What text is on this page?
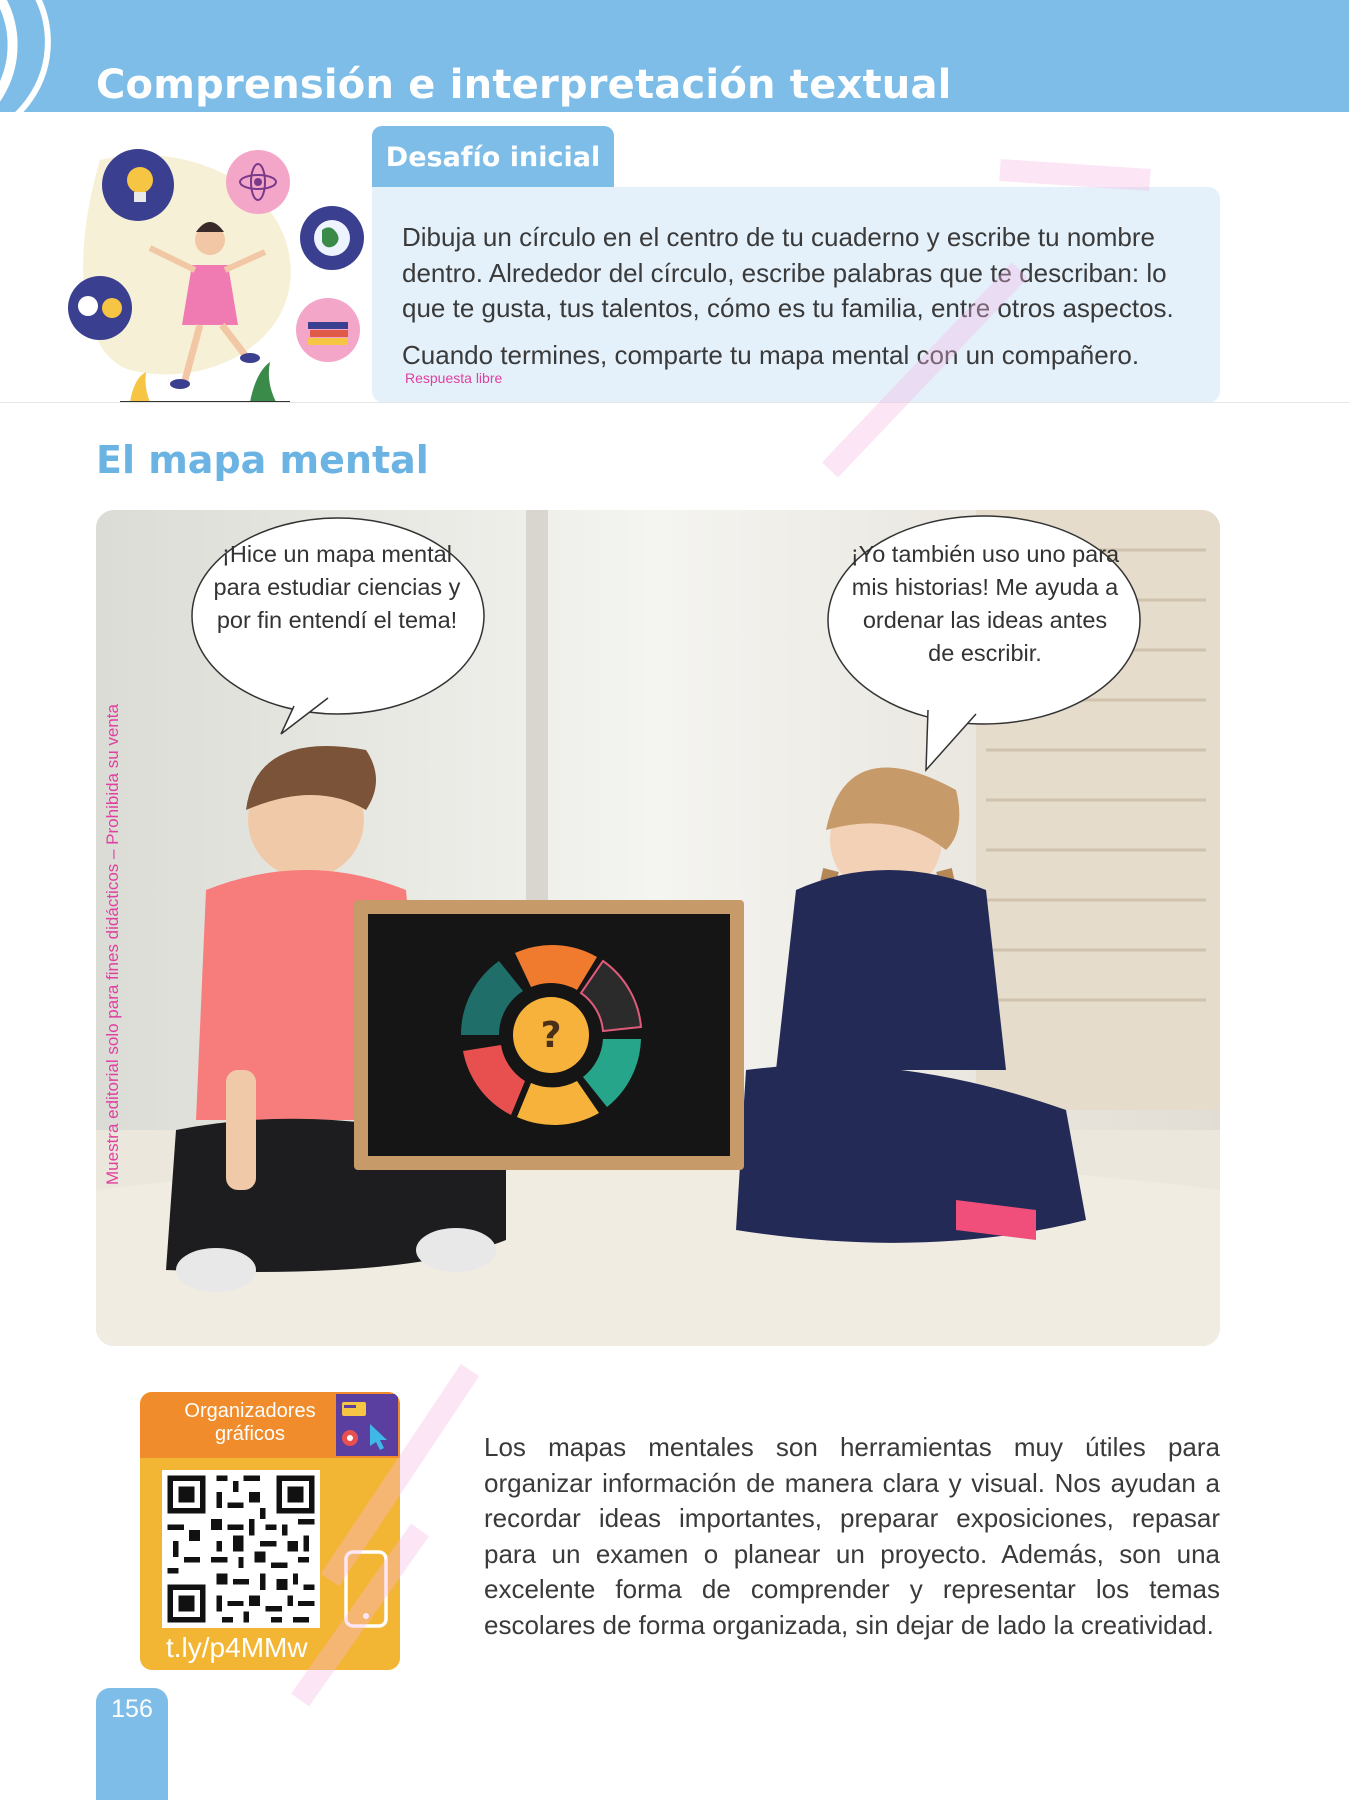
Comprensión e interpretación textual
Desafío inicial

Dibuja un círculo en el centro de tu cuaderno y escribe tu nombre dentro. Alrededor del círculo, escribe palabras que te describan: lo que te gusta, tus talentos, cómo es tu familia, entre otros aspectos.

Cuando termines, comparte tu mapa mental con un compañero.

Respuesta libre
El mapa mental
?
¡Hice un mapa mental para estudiar ciencias y por fin entendí el tema!
¡Yo también uso uno para mis historias! Me ayuda a ordenar las ideas antes de escribir.
Muestra editorial solo para fines didácticos – Prohibida su venta
Organizadores gráficos
t.ly/p4MMw

Los mapas mentales son herramientas muy útiles para organizar información de manera clara y visual. Nos ayudan a recordar ideas importantes, preparar exposiciones, repasar para un examen o planear un proyecto. Además, son una excelente forma de comprender y representar los temas escolares de forma organizada, sin dejar de lado la creatividad.

156
